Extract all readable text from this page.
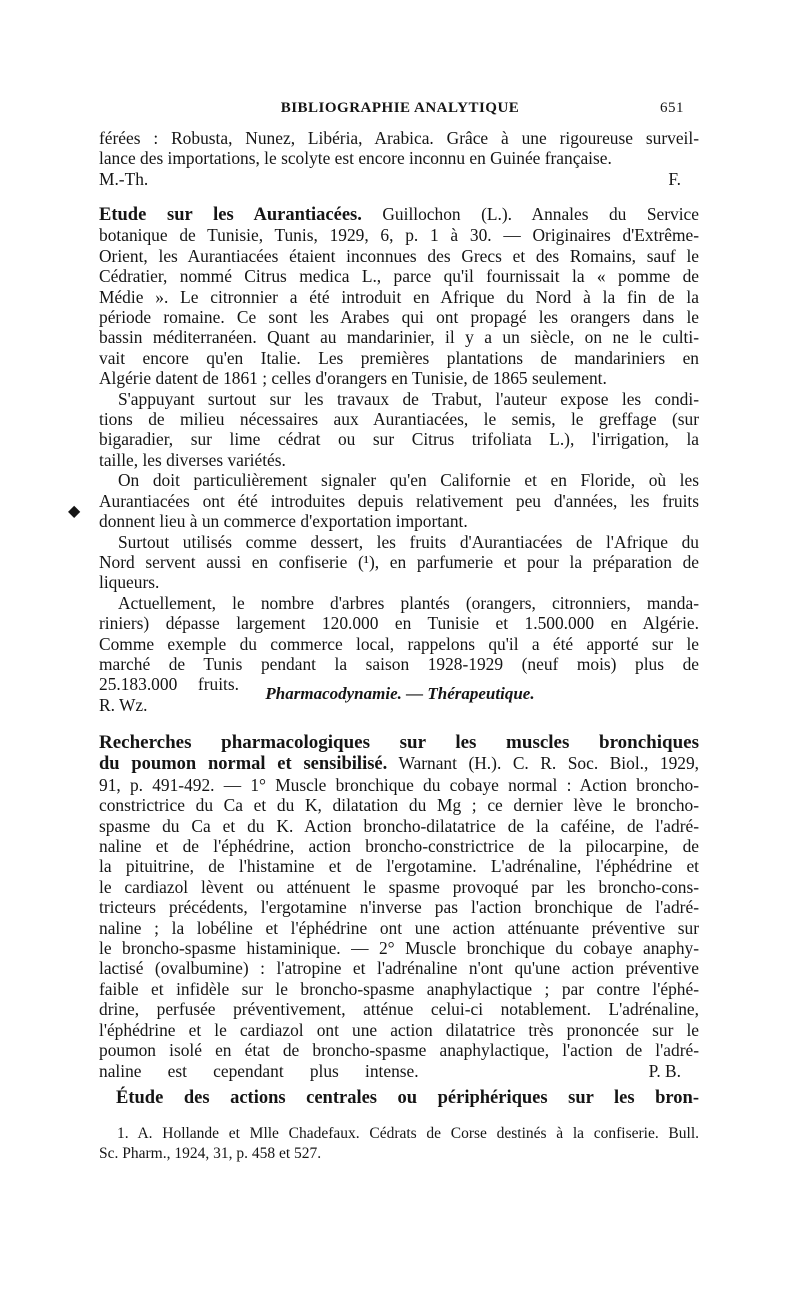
BIBLIOGRAPHIE ANALYTIQUE	651

férées : Robusta, Nunez, Libéria, Arabica. Grâce à une rigoureuse surveil-

lance des importations, le scolyte est encore inconnu en Guinée française.

M.-Th. F.

Etude sur les Aurantiacées. Guillochon (L.). Annales du Service

botanique de Tunisie, Tunis, 1929, 6, p. 1 à 30. — Originaires d'Extrême-

Orient, les Aurantiacées étaient inconnues des Grecs et des Romains, sauf le

Cédratier, nommé Citrus medica L., parce qu'il fournissait la « pomme de

Médie ». Le citronnier a été introduit en Afrique du Nord à la fin de la

période romaine. Ce sont les Arabes qui ont propagé les orangers dans le

bassin méditerranéen. Quant au mandarinier, il y a un siècle, on ne le culti-

vait encore qu'en Italie. Les premières plantations de mandariniers en

Algérie datent de 1861 ; celles d'orangers en Tunisie, de 1865 seulement.

S'appuyant surtout sur les travaux de Trabut, l'auteur expose les condi-

tions de milieu nécessaires aux Aurantiacées, le semis, le greffage (sur

bigaradier, sur lime cédrat ou sur Citrus trifoliata L.), l'irrigation, la

taille, les diverses variétés.

On doit particulièrement signaler qu'en Californie et en Floride, où les

Aurantiacées ont été introduites depuis relativement peu d'années, les fruits

donnent lieu à un commerce d'exportation important.

Surtout utilisés comme dessert, les fruits d'Aurantiacées de l'Afrique du

Nord servent aussi en confiserie (¹), en parfumerie et pour la préparation de

liqueurs.

Actuellement, le nombre d'arbres plantés (orangers, citronniers, manda-

riniers) dépasse largement 120.000 en Tunisie et 1.500.000 en Algérie.

Comme exemple du commerce local, rappelons qu'il a été apporté sur le

marché de Tunis pendant la saison 1928-1929 (neuf mois) plus de

25.183.000 fruits.R. Wz.

◆
Pharmacodynamie. — Thérapeutique.

Recherches pharmacologiques sur les muscles bronchiques

du poumon normal et sensibilisé. Warnant (H.). C. R. Soc. Biol., 1929,

91, p. 491-492. — 1° Muscle bronchique du cobaye normal : Action broncho-

constrictrice du Ca et du K, dilatation du Mg ; ce dernier lève le broncho-

spasme du Ca et du K. Action broncho-dilatatrice de la caféine, de l'adré-

naline et de l'éphédrine, action broncho-constrictrice de la pilocarpine, de

la pituitrine, de l'histamine et de l'ergotamine. L'adrénaline, l'éphédrine et

le cardiazol lèvent ou atténuent le spasme provoqué par les broncho-cons-

tricteurs précédents, l'ergotamine n'inverse pas l'action bronchique de l'adré-

naline ; la lobéline et l'éphédrine ont une action atténuante préventive sur

le broncho-spasme histaminique. — 2° Muscle bronchique du cobaye anaphy-

lactisé (ovalbumine) : l'atropine et l'adrénaline n'ont qu'une action préventive

faible et infidèle sur le broncho-spasme anaphylactique ; par contre l'éphé-

drine, perfusée préventivement, atténue celui-ci notablement. L'adrénaline,

l'éphédrine et le cardiazol ont une action dilatatrice très prononcée sur le

poumon isolé en état de broncho-spasme anaphylactique, l'action de l'adré-

naline est cependant plus intense.	P. B.

Étude des actions centrales ou périphériques sur les bron-

1. A. Hollande et Mlle Chadefaux. Cédrats de Corse destinés à la confiserie. Bull.

Sc. Pharm., 1924, 31, p. 458 et 527.
